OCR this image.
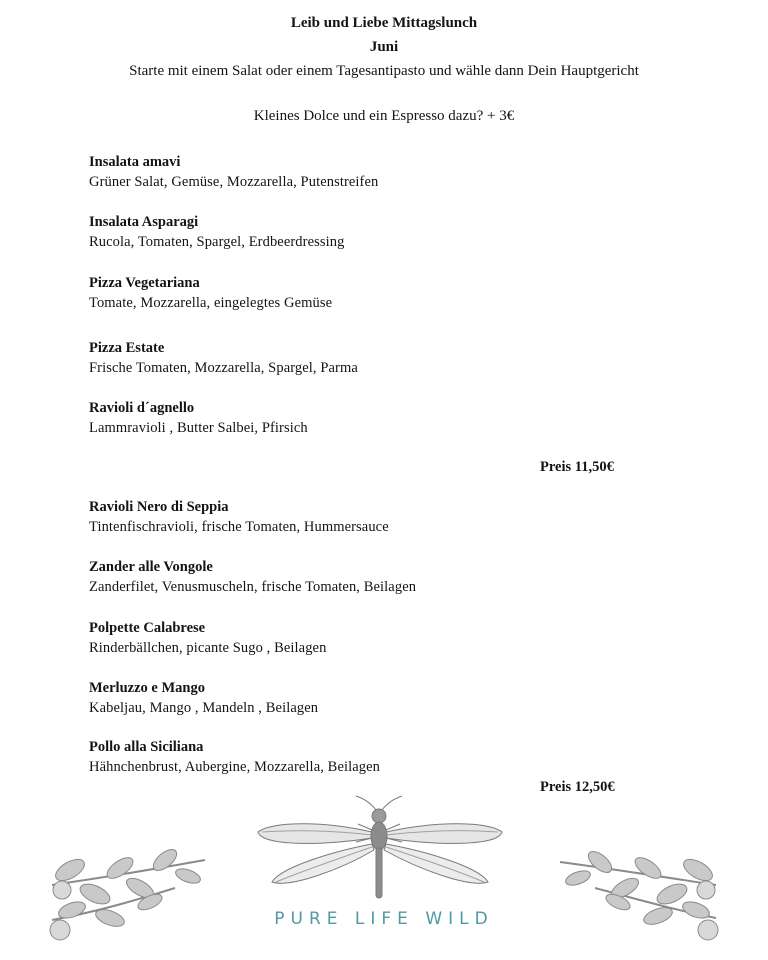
Leib und Liebe Mittagslunch
Juni
Starte mit einem Salat oder einem Tagesantipasto und wähle dann Dein Hauptgericht
Kleines Dolce und ein Espresso dazu? + 3€
Insalata amavi
Grüner Salat, Gemüse, Mozzarella, Putenstreifen
Insalata Asparagi
Rucola, Tomaten, Spargel, Erdbeerdressing
Pizza Vegetariana
Tomate, Mozzarella, eingelegtes Gemüse
Pizza Estate
Frische Tomaten, Mozzarella, Spargel, Parma
Ravioli d´agnello
Lammravioli , Butter Salbei, Pfirsich
Preis 11,50€
Ravioli Nero di Seppia
Tintenfischravioli, frische Tomaten, Hummersauce
Zander alle Vongole
Zanderfilet, Venusmuscheln, frische Tomaten, Beilagen
Polpette Calabrese
Rinderbällchen, picante Sugo , Beilagen
Merluzzo e Mango
Kabeljau, Mango , Mandeln , Beilagen
Pollo alla Siciliana
Hähnchenbrust, Aubergine, Mozzarella, Beilagen
Preis 12,50€
PURE LIFE WILD
